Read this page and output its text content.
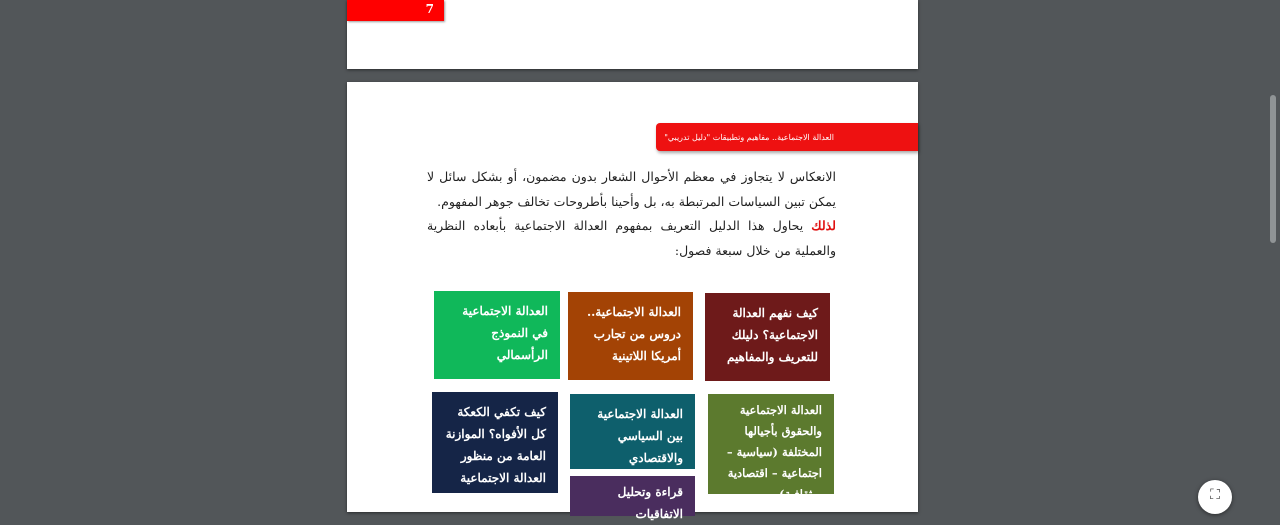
7
العدالة الاجتماعية.. مفاهيم وتطبيقات "دليل تدريبي"

الانعكاس لا يتجاوز في معظم الأحوال الشعار بدون مضمون، أو بشكل سائل لا يمكن تبين السياسات المرتبطة به، بل وأحينا بأطروحات تخالف جوهر المفهوم.

لذلك يحاول هذا الدليل التعريف بمفهوم العدالة الاجتماعية بأبعاده النظرية والعملية من خلال سبعة فصول:

كيف نفهم العدالة الاجتماعية؟ دليلك للتعريف والمفاهيم
العدالة الاجتماعية.. دروس من تجارب أمريكا اللاتينية
العدالة الاجتماعية في النموذج الرأسمالي
العدالة الاجتماعية والحقوق بأجيالها المختلفة (سياسية – اجتماعية – اقتصادية – ثقافية)
العدالة الاجتماعية بين السياسي والاقتصادي
كيف تكفي الكعكة كل الأفواه؟ الموازنة العامة من منظور العدالة الاجتماعية
قراءة وتحليل الاتفاقيات
⛶
